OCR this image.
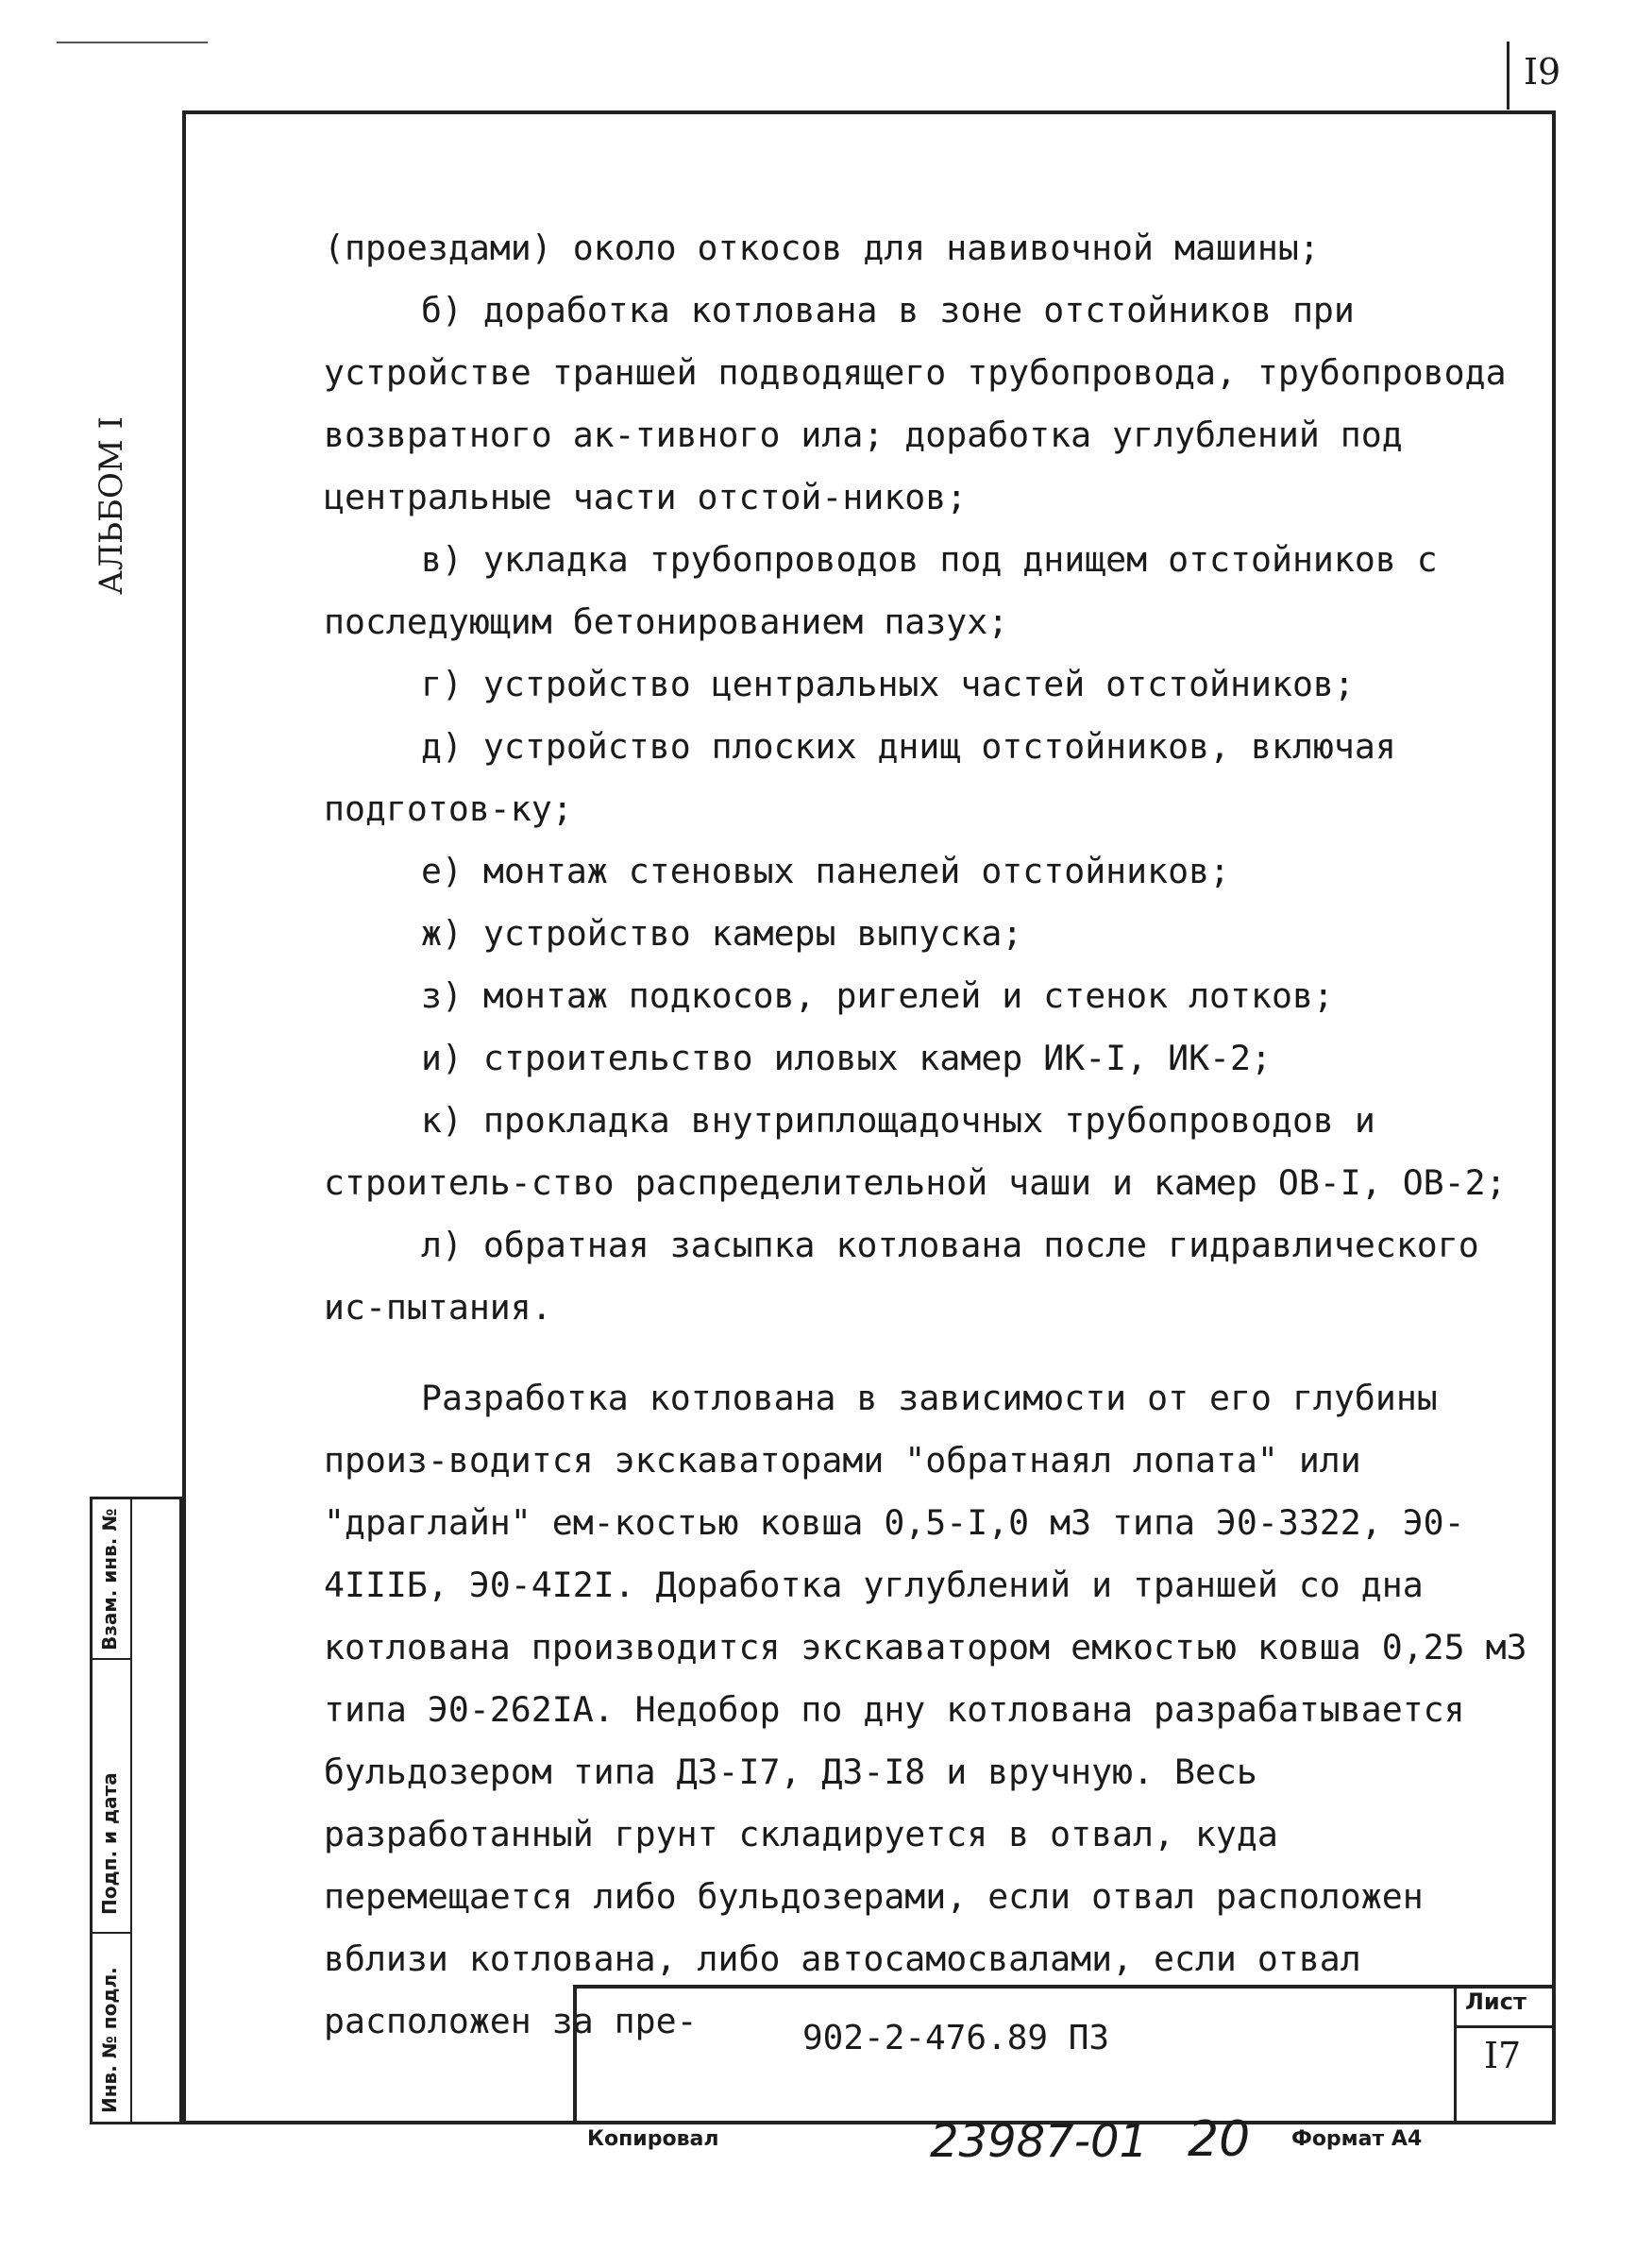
I9
АЛЬБОМ I
Взам. инв. №
Подп. и дата
Инв. № подл.

(проездами) около откосов для навивочной машины;

б) доработка котлована в зоне отстойников при устройстве траншей подводящего трубопровода, трубопровода возвратного ак-тивного ила; доработка углублений под центральные части отстой-ников;

в) укладка трубопроводов под днищем отстойников с последующим бетонированием пазух;

г) устройство центральных частей отстойников;

д) устройство плоских днищ отстойников, включая подготов-ку;

е) монтаж стеновых панелей отстойников;

ж) устройство камеры выпуска;

з) монтаж подкосов, ригелей и стенок лотков;

и) строительство иловых камер ИК-I, ИК-2;

к) прокладка внутриплощадочных трубопроводов и строитель-ство распределительной чаши и камер ОВ-I, ОВ-2;

л) обратная засыпка котлована после гидравлического ис-пытания.

Разработка котлована в зависимости от его глубины произ-водится экскаваторами "обратнаял лопата" или "драглайн" ем-костью ковша 0,5-I,0 м3 типа Э0-3322, Э0-4IIIБ, Э0-4I2I. Доработка углублений и траншей со дна котлована производится экскаватором емкостью ковша 0,25 м3 типа Э0-262IА. Недобор по дну котлована разрабатывается бульдозером типа ДЗ-I7, ДЗ-I8 и вручную. Весь разработанный грунт складируется в отвал, куда перемещается либо бульдозерами, если отвал расположен вблизи котлована, либо автосамосвалами, если отвал расположен за пре-	902-2-476.89 ПЗ
Лист
I7
Копировал	23987-01 20 Формат А4
